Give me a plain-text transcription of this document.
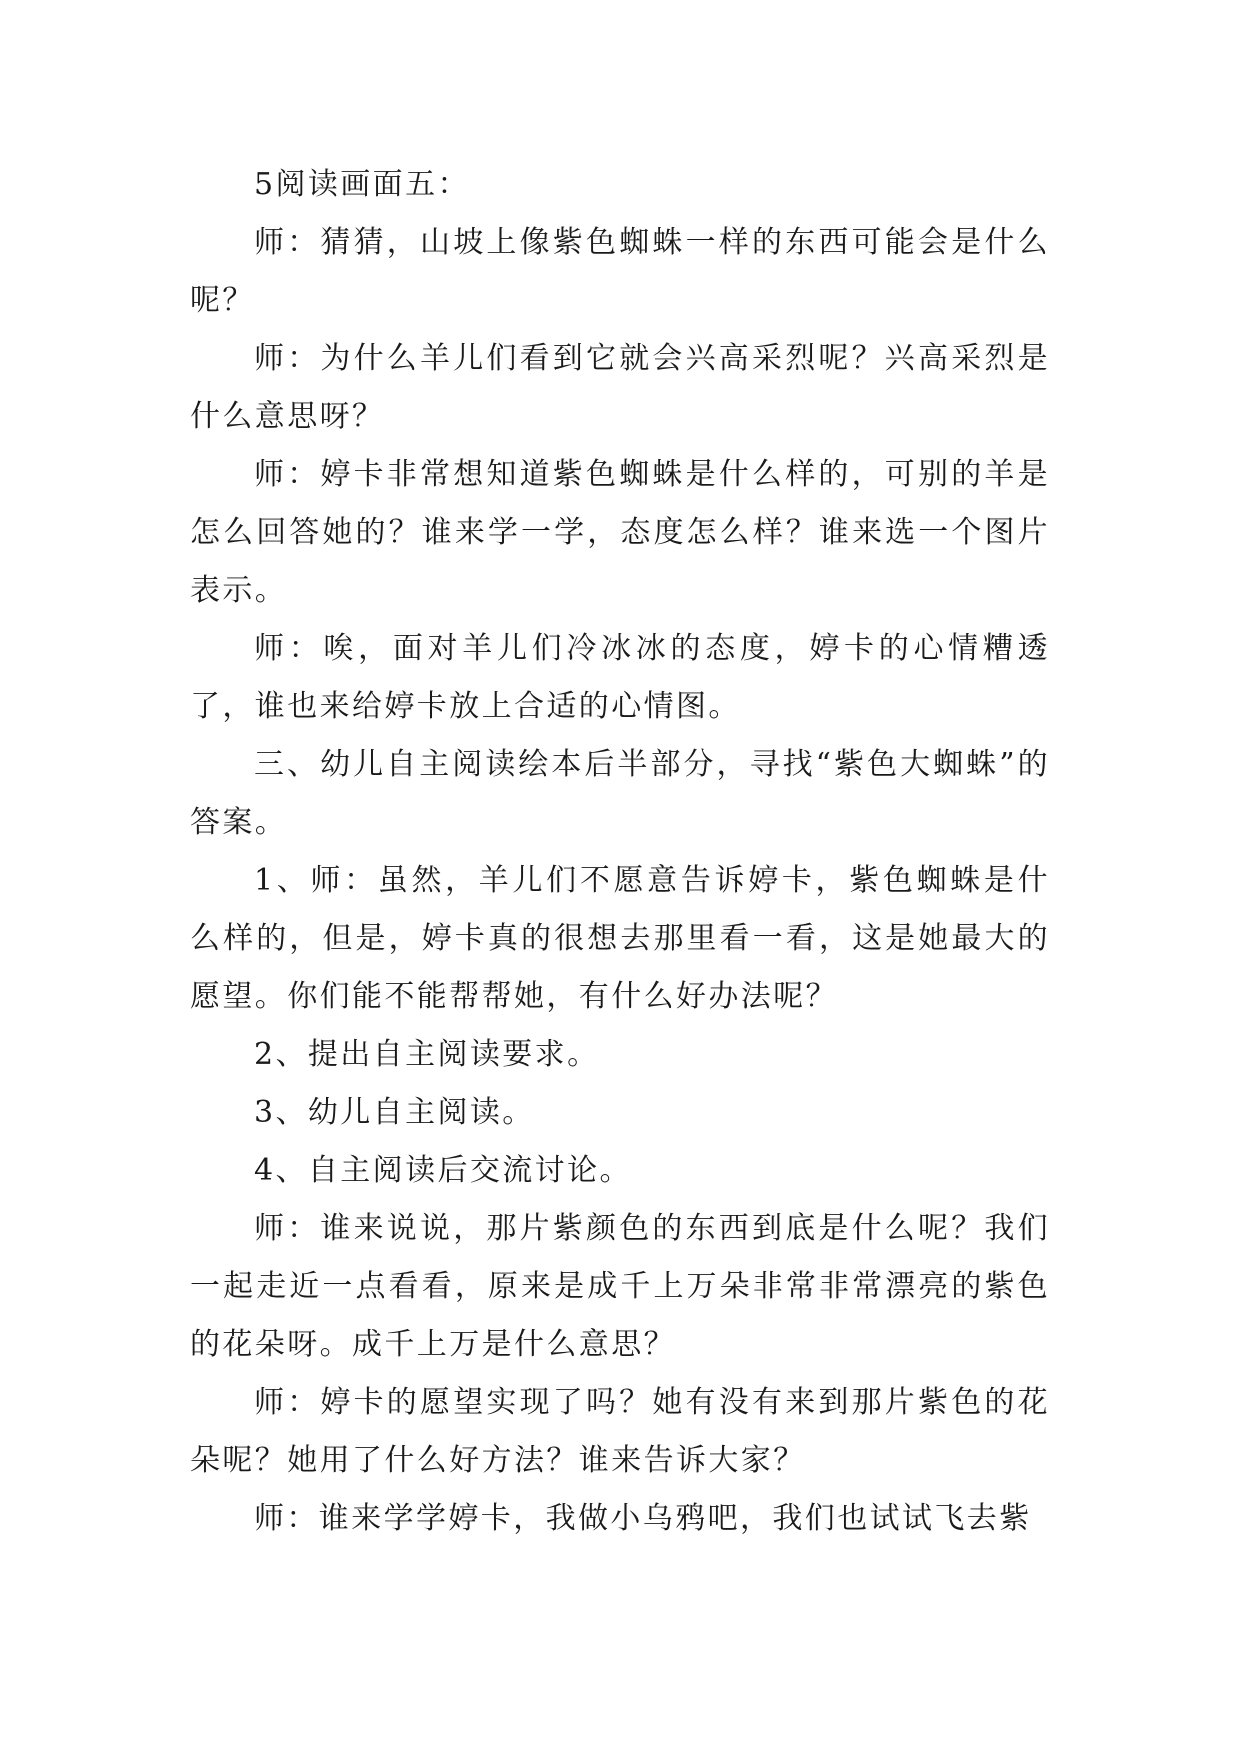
5阅读画面五：

师：猜猜，山坡上像紫色蜘蛛一样的东西可能会是什么呢？

师：为什么羊儿们看到它就会兴高采烈呢？兴高采烈是什么意思呀？

师：婷卡非常想知道紫色蜘蛛是什么样的，可别的羊是怎么回答她的？谁来学一学，态度怎么样？谁来选一个图片表示。

师：唉，面对羊儿们冷冰冰的态度，婷卡的心情糟透了，谁也来给婷卡放上合适的心情图。

三、幼儿自主阅读绘本后半部分，寻找“紫色大蜘蛛”的答案。

1、师：虽然，羊儿们不愿意告诉婷卡，紫色蜘蛛是什么样的，但是，婷卡真的很想去那里看一看，这是她最大的愿望。你们能不能帮帮她，有什么好办法呢？

2、提出自主阅读要求。

3、幼儿自主阅读。

4、自主阅读后交流讨论。

师：谁来说说，那片紫颜色的东西到底是什么呢？我们一起走近一点看看，原来是成千上万朵非常非常漂亮的紫色的花朵呀。成千上万是什么意思？

师：婷卡的愿望实现了吗？她有没有来到那片紫色的花朵呢？她用了什么好方法？谁来告诉大家？

师：谁来学学婷卡，我做小乌鸦吧，我们也试试飞去紫
